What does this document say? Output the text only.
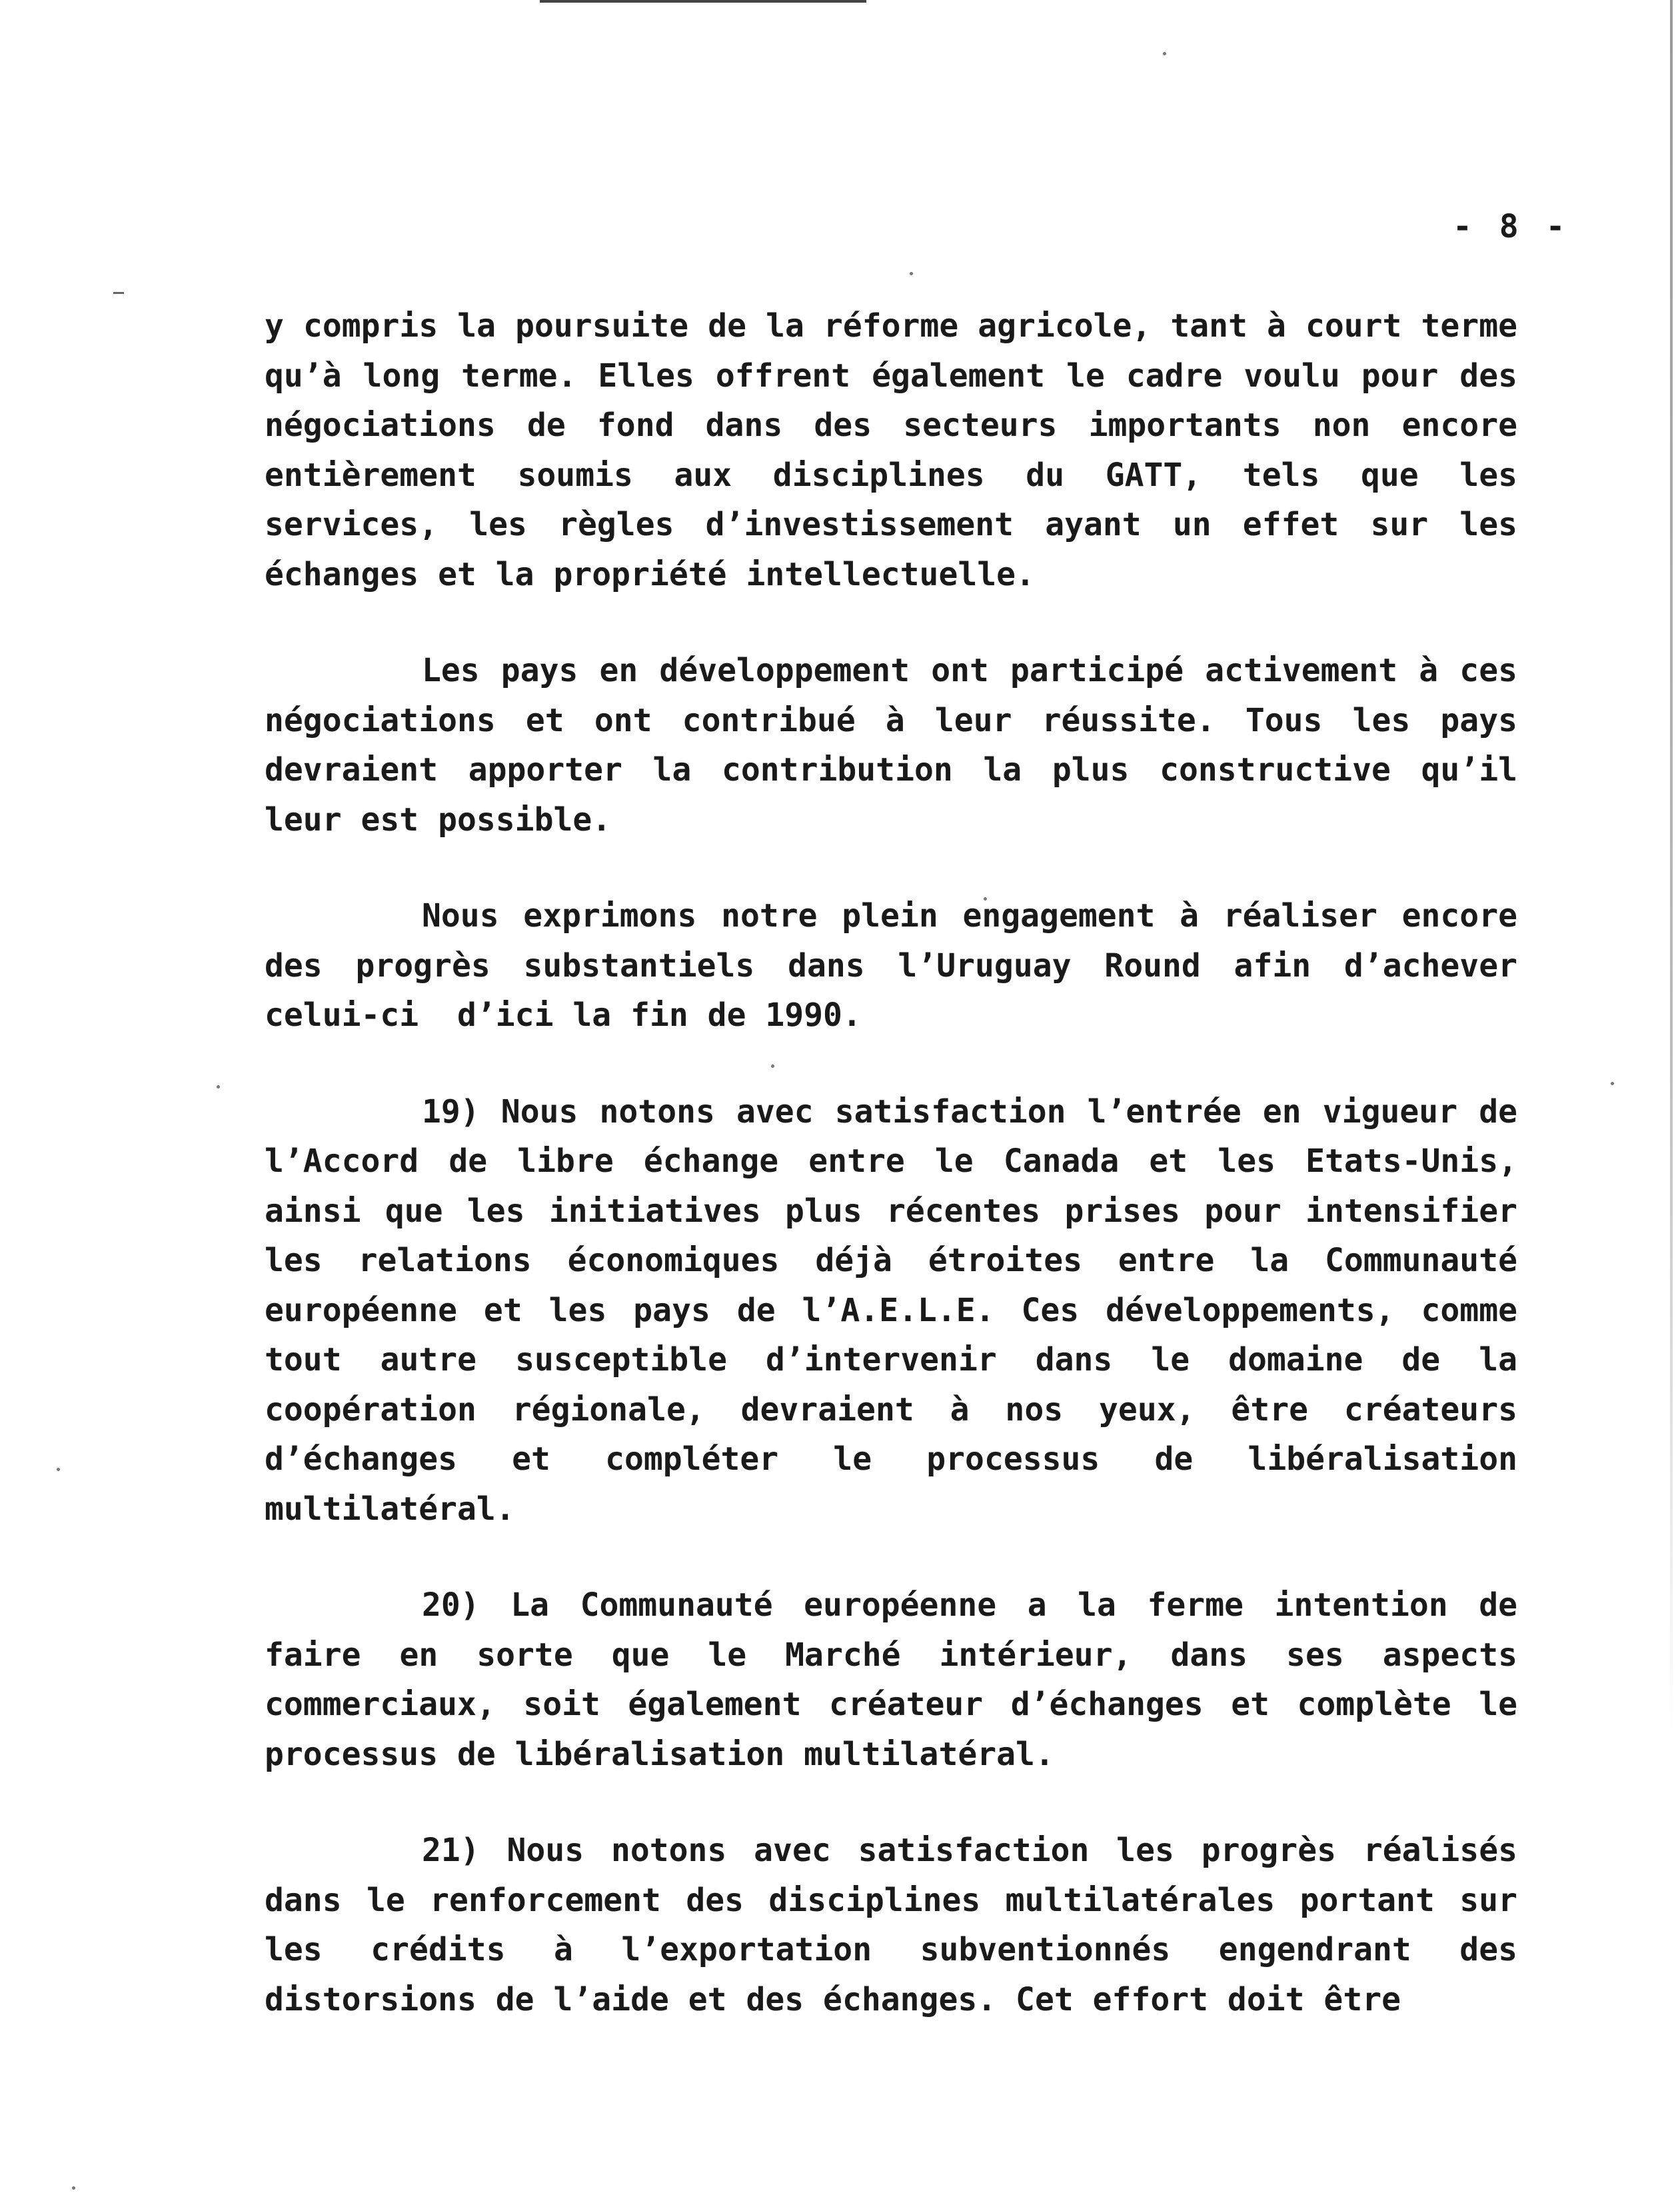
- 8 -

y compris la poursuite de la réforme agricole, tant à court terme qu’à long terme. Elles offrent également le cadre voulu pour des négociations de fond dans des secteurs importants non encore entièrement soumis aux disciplines du GATT, tels que les services, les règles d’investissement ayant un effet sur les échanges et la propriété intellectuelle.

Les pays en développement ont participé activement à ces négociations et ont contribué à leur réussite. Tous les pays devraient apporter la contribution la plus constructive qu’il leur est possible.

Nous exprimons notre plein engagement à réaliser encore des progrès substantiels dans l’Uruguay Round afin d’achever celui-ci  d’ici la fin de 1990.

19) Nous notons avec satisfaction l’entrée en vigueur de l’Accord de libre échange entre le Canada et les Etats-Unis, ainsi que les initiatives plus récentes prises pour intensifier les relations économiques déjà étroites entre la Communauté européenne et les pays de l’A.E.L.E. Ces développements, comme tout autre susceptible d’intervenir dans le domaine de la coopération régionale, devraient à nos yeux, être créateurs d’échanges et compléter le processus de libéralisation multilatéral.

20) La Communauté européenne a la ferme intention de faire en sorte que le Marché intérieur, dans ses aspects commerciaux, soit également créateur d’échanges et complète le processus de libéralisation multilatéral.

21) Nous notons avec satisfaction les progrès réalisés dans le renforcement des disciplines multilatérales portant sur les crédits à l’exportation subventionnés engendrant des distorsions de l’aide et des échanges. Cet effort doit être
